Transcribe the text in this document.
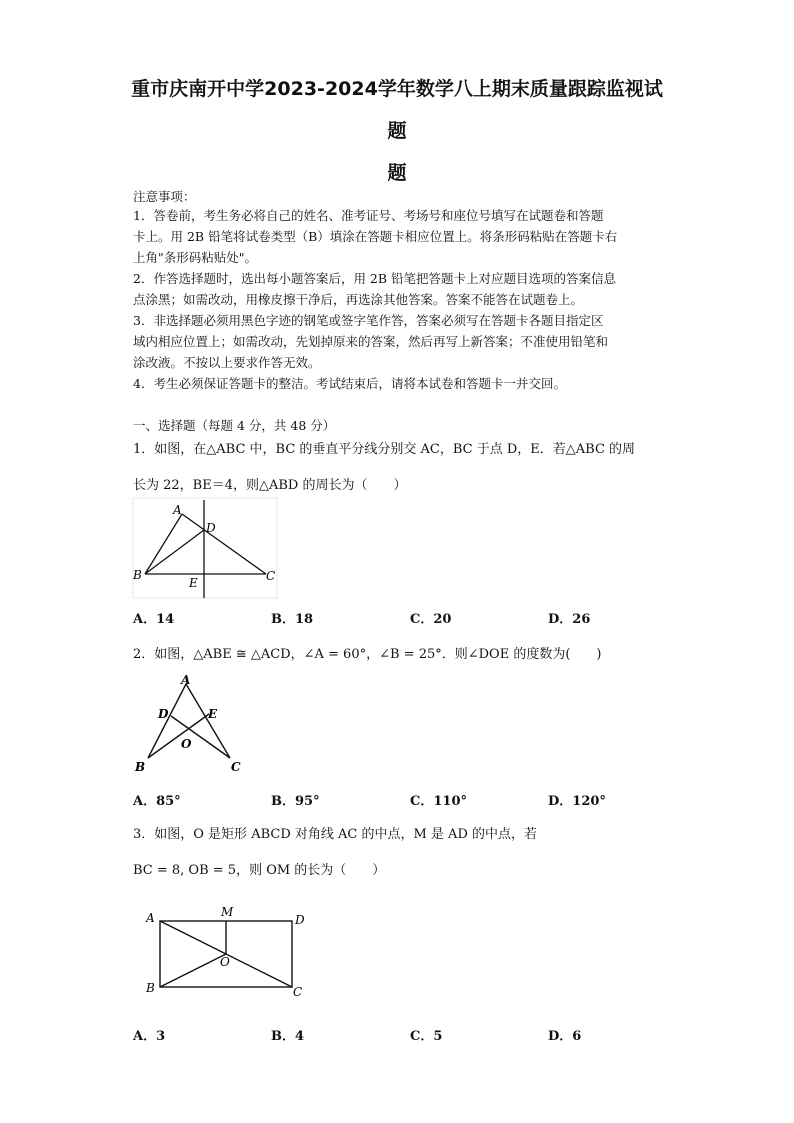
重市庆南开中学2023-2024学年数学八上期末质量跟踪监视试
题
题
注意事项：
1．答卷前，考生务必将自己的姓名、准考证号、考场号和座位号填写在试题卷和答题
卡上。用 2B 铅笔将试卷类型（B）填涂在答题卡相应位置上。将条形码粘贴在答题卡右
上角"条形码粘贴处"。
2．作答选择题时，选出每小题答案后，用 2B 铅笔把答题卡上对应题目选项的答案信息
点涂黑；如需改动，用橡皮擦干净后，再选涂其他答案。答案不能答在试题卷上。
3．非选择题必须用黑色字迹的钢笔或签字笔作答，答案必须写在答题卡各题目指定区
域内相应位置上；如需改动，先划掉原来的答案，然后再写上新答案；不准使用铅笔和
涂改液。不按以上要求作答无效。
4．考生必须保证答题卡的整洁。考试结束后，请将本试卷和答题卡一并交回。
一、选择题（每题 4 分，共 48 分）
1．如图，在△ABC 中，BC 的垂直平分线分别交 AC，BC 于点 D，E．若△ABC 的周
长为 22，BE＝4，则△ABD 的周长为（　　）
A
D
B
E	C
A．14	B．18	C．20	D．26
2．如图，△ABE ≅ △ACD，∠A = 60°，∠B = 25°．则∠DOE 的度数为(　　)
A
D	E
O
B	C
A．85°	B．95°	C．110°	D．120°
3．如图，O 是矩形 ABCD 对角线 AC 的中点，M 是 AD 的中点，若
BC = 8, OB = 5，则 OM 的长为（　　）
A	M
D
O
B	C
A．3	B．4	C．5	D．6
